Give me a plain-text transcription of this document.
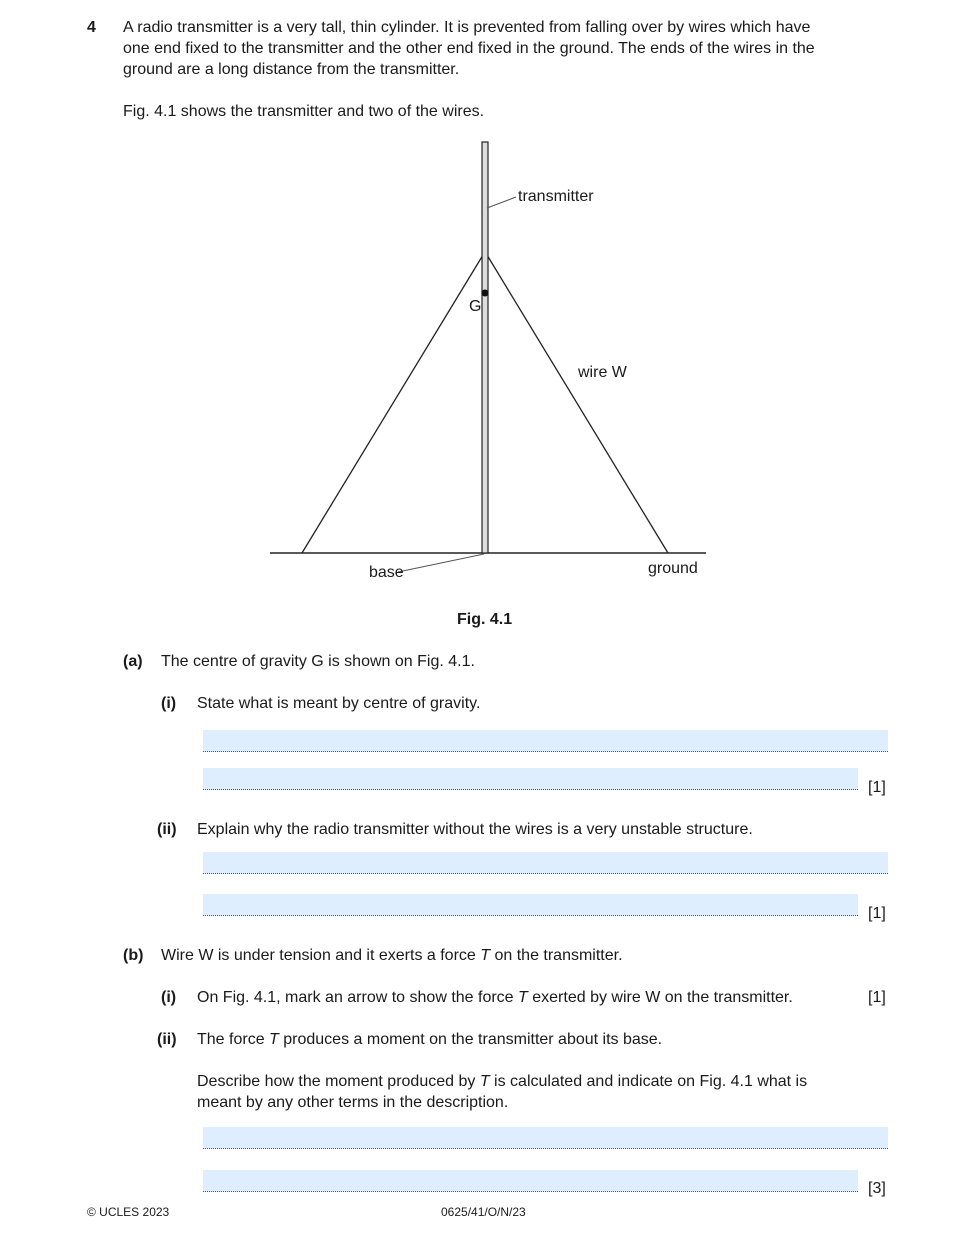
4 A radio transmitter is a very tall, thin cylinder. It is prevented from falling over by wires which have
one end fixed to the transmitter and the other end fixed in the ground. The ends of the wires in the
ground are a long distance from the transmitter.
Fig. 4.1 shows the transmitter and two of the wires.
transmitter
G
wire W
base	ground
Fig. 4.1
(a) The centre of gravity G is shown on Fig. 4.1.
(i) State what is meant by centre of gravity.
[1]
(ii) Explain why the radio transmitter without the wires is a very unstable structure.
[1]
(b) Wire W is under tension and it exerts a force T on the transmitter.
(i) On Fig. 4.1, mark an arrow to show the force T exerted by wire W on the transmitter.	[1]
(ii) The force T produces a moment on the transmitter about its base.
Describe how the moment produced by T is calculated and indicate on Fig. 4.1 what is
meant by any other terms in the description.
[3]
© UCLES 2023	0625/41/O/N/23
